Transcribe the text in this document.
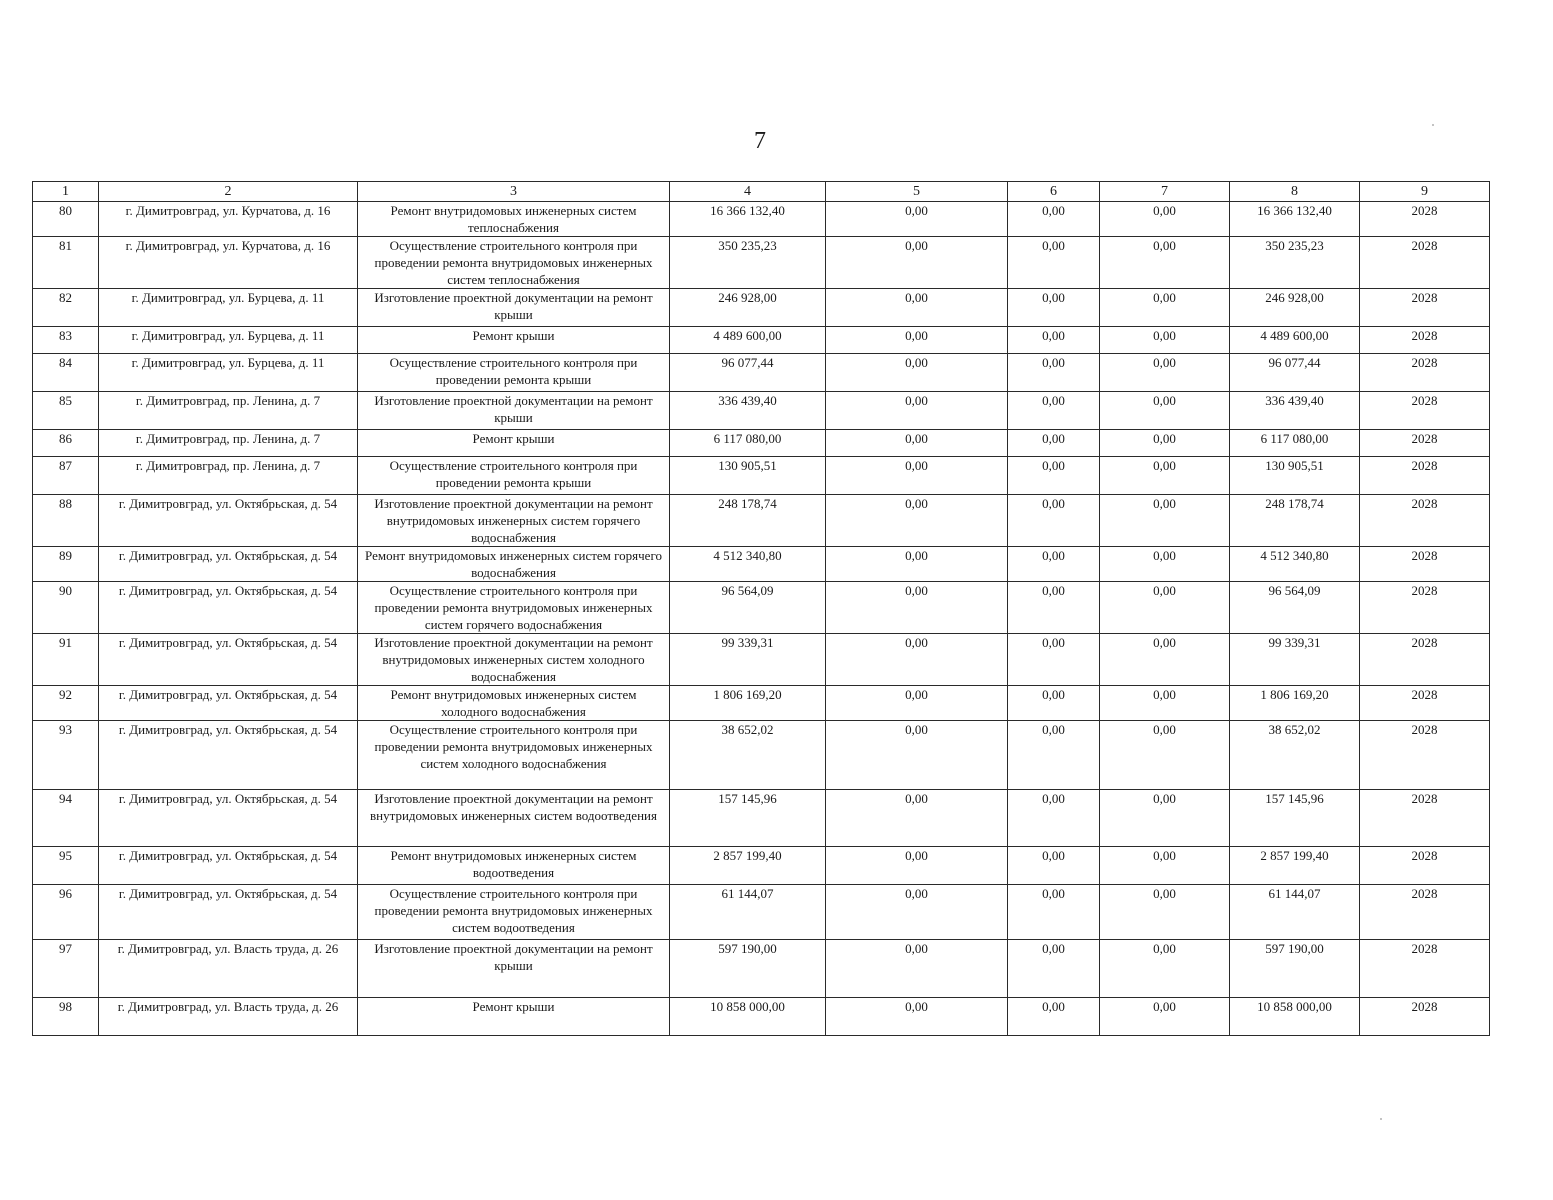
7
1	2	3	4	5	6	7	8	9
80	г. Димитровград, ул. Курчатова, д. 16	Ремонт внутридомовых инженерных систем теплоснабжения	16 366 132,40	0,00	0,00	0,00	16 366 132,40	2028
81	г. Димитровград, ул. Курчатова, д. 16	Осуществление строительного контроля при проведении ремонта внутридомовых инженерных систем теплоснабжения	350 235,23	0,00	0,00	0,00	350 235,23	2028
82	г. Димитровград, ул. Бурцева, д. 11	Изготовление проектной документации на ремонт крыши	246 928,00	0,00	0,00	0,00	246 928,00	2028
83	г. Димитровград, ул. Бурцева, д. 11	Ремонт крыши	4 489 600,00	0,00	0,00	0,00	4 489 600,00	2028
84	г. Димитровград, ул. Бурцева, д. 11	Осуществление строительного контроля при проведении ремонта крыши	96 077,44	0,00	0,00	0,00	96 077,44	2028
85	г. Димитровград, пр. Ленина, д. 7	Изготовление проектной документации на ремонт крыши	336 439,40	0,00	0,00	0,00	336 439,40	2028
86	г. Димитровград, пр. Ленина, д. 7	Ремонт крыши	6 117 080,00	0,00	0,00	0,00	6 117 080,00	2028
87	г. Димитровград, пр. Ленина, д. 7	Осуществление строительного контроля при проведении ремонта крыши	130 905,51	0,00	0,00	0,00	130 905,51	2028
88	г. Димитровград, ул. Октябрьская, д. 54	Изготовление проектной документации на ремонт внутридомовых инженерных систем горячего водоснабжения	248 178,74	0,00	0,00	0,00	248 178,74	2028
89	г. Димитровград, ул. Октябрьская, д. 54	Ремонт внутридомовых инженерных систем горячего водоснабжения	4 512 340,80	0,00	0,00	0,00	4 512 340,80	2028
90	г. Димитровград, ул. Октябрьская, д. 54	Осуществление строительного контроля при проведении ремонта внутридомовых инженерных систем горячего водоснабжения	96 564,09	0,00	0,00	0,00	96 564,09	2028
91	г. Димитровград, ул. Октябрьская, д. 54	Изготовление проектной документации на ремонт внутридомовых инженерных систем холодного водоснабжения	99 339,31	0,00	0,00	0,00	99 339,31	2028
92	г. Димитровград, ул. Октябрьская, д. 54	Ремонт внутридомовых инженерных систем холодного водоснабжения	1 806 169,20	0,00	0,00	0,00	1 806 169,20	2028
93	г. Димитровград, ул. Октябрьская, д. 54	Осуществление строительного контроля при проведении ремонта внутридомовых инженерных систем холодного водоснабжения	38 652,02	0,00	0,00	0,00	38 652,02	2028
94	г. Димитровград, ул. Октябрьская, д. 54	Изготовление проектной документации на ремонт внутридомовых инженерных систем водоотведения	157 145,96	0,00	0,00	0,00	157 145,96	2028
95	г. Димитровград, ул. Октябрьская, д. 54	Ремонт внутридомовых инженерных систем водоотведения	2 857 199,40	0,00	0,00	0,00	2 857 199,40	2028
96	г. Димитровград, ул. Октябрьская, д. 54	Осуществление строительного контроля при проведении ремонта внутридомовых инженерных систем водоотведения	61 144,07	0,00	0,00	0,00	61 144,07	2028
97	г. Димитровград, ул. Власть труда, д. 26	Изготовление проектной документации на ремонт крыши	597 190,00	0,00	0,00	0,00	597 190,00	2028
98	г. Димитровград, ул. Власть труда, д. 26	Ремонт крыши	10 858 000,00	0,00	0,00	0,00	10 858 000,00	2028
